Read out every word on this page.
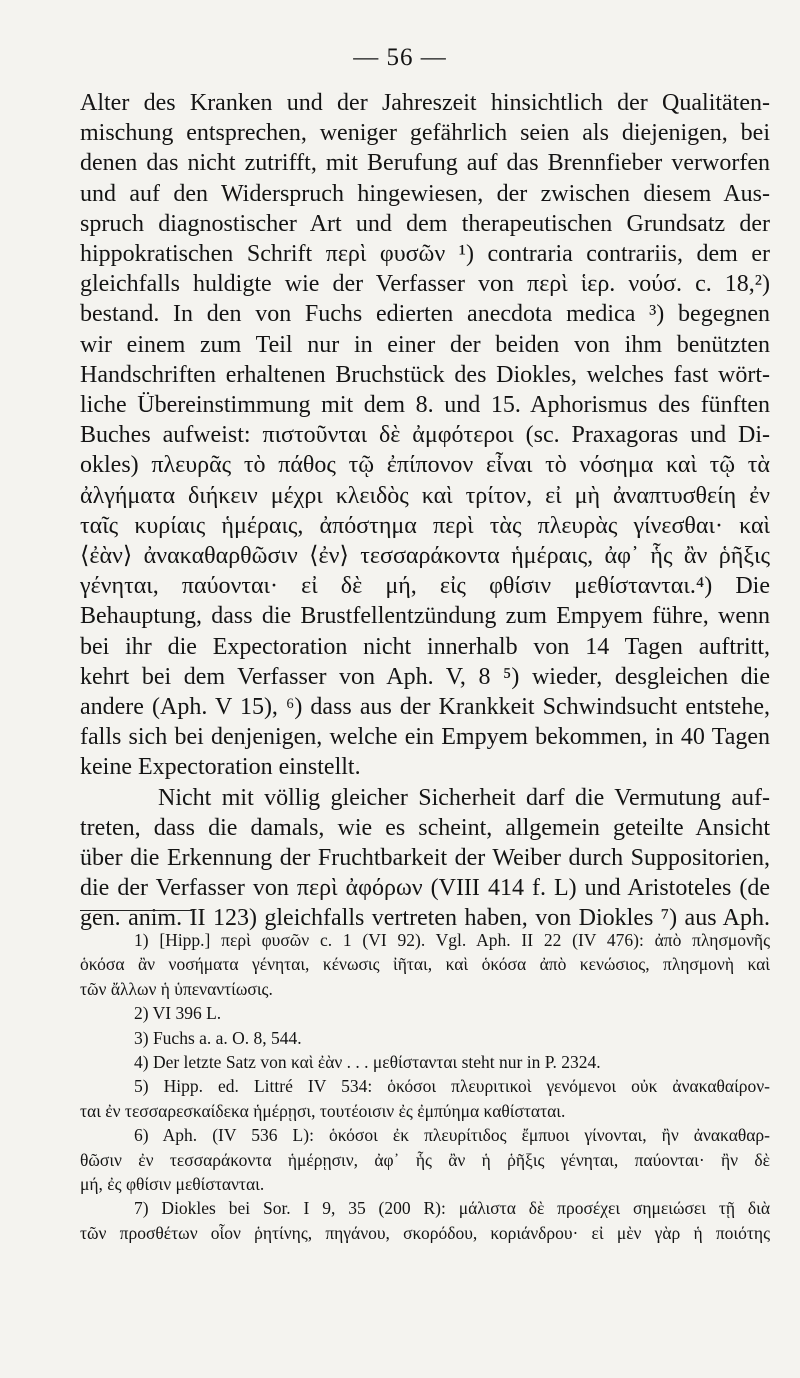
— 56 —
Alter des Kranken und der Jahreszeit hinsichtlich der Qualitäten-
mischung entsprechen, weniger gefährlich seien als diejenigen, bei
denen das nicht zutrifft, mit Berufung auf das Brennfieber verworfen
und auf den Widerspruch hingewiesen, der zwischen diesem Aus-
spruch diagnostischer Art und dem therapeutischen Grundsatz der
hippokratischen Schrift περὶ φυσῶν ¹) contraria contrariis, dem er
gleichfalls huldigte wie der Verfasser von περὶ ἱερ. νούσ. c. 18,²)
bestand. In den von Fuchs edierten anecdota medica ³) begegnen
wir einem zum Teil nur in einer der beiden von ihm benützten
Handschriften erhaltenen Bruchstück des Diokles, welches fast wört-
liche Übereinstimmung mit dem 8. und 15. Aphorismus des fünften
Buches aufweist: πιστοῦνται δὲ ἀμφότεροι (sc. Praxagoras und Di-
okles) πλευρᾶς τὸ πάθος τῷ ἐπίπονον εἶναι τὸ νόσημα καὶ τῷ τὰ
ἀλγήματα διήκειν μέχρι κλειδὸς καὶ τρίτον, εἰ μὴ ἀναπτυσθείη ἐν
ταῖς κυρίαις ἡμέραις, ἀπόστημα περὶ τὰς πλευρὰς γίνεσθαι· καὶ
⟨ἐὰν⟩ ἀνακαθαρθῶσιν ⟨ἐν⟩ τεσσαράκοντα ἡμέραις, ἀφ᾿ ἧς ἂν ῥῆξις
γένηται, παύονται· εἰ δὲ μή, εἰς φθίσιν μεθίστανται.⁴) Die
Behauptung, dass die Brustfellentzündung zum Empyem führe, wenn
bei ihr die Expectoration nicht innerhalb von 14 Tagen auftritt,
kehrt bei dem Verfasser von Aph. V, 8 ⁵) wieder, desgleichen die
andere (Aph. V 15), ⁶) dass aus der Krankkeit Schwindsucht entstehe,
falls sich bei denjenigen, welche ein Empyem bekommen, in 40 Tagen
keine Expectoration einstellt.
Nicht mit völlig gleicher Sicherheit darf die Vermutung auf-
treten, dass die damals, wie es scheint, allgemein geteilte Ansicht
über die Erkennung der Fruchtbarkeit der Weiber durch Suppositorien,
die der Verfasser von περὶ ἀφόρων (VIII 414 f. L) und Aristoteles (de
gen. anim. II 123) gleichfalls vertreten haben, von Diokles ⁷) aus Aph.
1) [Hipp.] περὶ φυσῶν c. 1 (VI 92). Vgl. Aph. II 22 (IV 476): ἀπὸ πλησμονῆς
ὁκόσα ἂν νοσήματα γένηται, κένωσις ἰῆται, καὶ ὁκόσα ἀπὸ κενώσιος, πλησμονὴ καὶ
τῶν ἄλλων ἡ ὑπεναντίωσις.
2) VI 396 L.
3) Fuchs a. a. O. 8, 544.
4) Der letzte Satz von καὶ ἐὰν . . . μεθίστανται steht nur in P. 2324.
5) Hipp. ed. Littré IV 534: ὁκόσοι πλευριτικοὶ γενόμενοι οὐκ ἀνακαθαίρον-
ται ἐν τεσσαρεσκαίδεκα ἡμέρῃσι, τουτέοισιν ἐς ἐμπύημα καθίσταται.
6) Aph. (IV 536 L): ὁκόσοι ἐκ πλευρίτιδος ἔμπυοι γίνονται, ἢν ἀνακαθαρ-
θῶσιν ἐν τεσσαράκοντα ἡμέρῃσιν, ἀφ᾿ ἧς ἂν ἡ ῥῆξις γένηται, παύονται· ἢν δὲ
μή, ἐς φθίσιν μεθίστανται.
7) Diokles bei Sor. I 9, 35 (200 R): μάλιστα δὲ προσέχει σημειώσει τῇ διὰ
τῶν προσθέτων οἷον ῥητίνης, πηγάνου, σκορόδου, κοριάνδρου· εἰ μὲν γὰρ ἡ ποιότης
